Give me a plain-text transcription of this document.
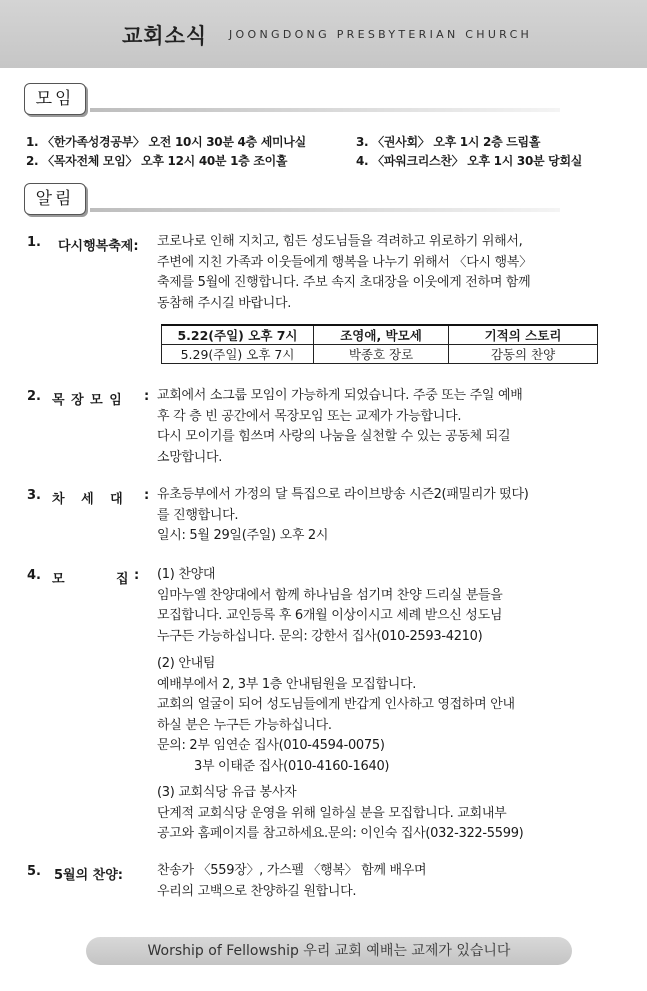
교회소식 JOONGDONG PRESBYTERIAN CHURCH
모임
1. 〈한가족성경공부〉 오전 10시 30분 4층 세미나실
2. 〈목자전체 모임〉 오후 12시 40분 1층 조이홀
3. 〈권사회〉 오후 1시 2층 드림홀
4. 〈파워크리스찬〉 오후 1시 30분 당회실
알림
1. 다시행복축제: 코로나로 인해 지치고, 힘든 성도님들을 격려하고 위로하기 위해서,

주변에 지친 가족과 이웃들에게 행복을 나누기 위해서 〈다시 행복〉

축제를 5월에 진행합니다. 주보 속지 초대장을 이웃에게 전하며 함께

동참해 주시길 바랍니다.

5.22(주일) 오후 7시	조영애, 박모세	기적의 스토리
5.29(주일) 오후 7시	박종호 장로	감동의 찬양
2. 목 장 모 임 : 교회에서 소그룹 모임이 가능하게 되었습니다. 주중 또는 주일 예배

후 각 층 빈 공간에서 목장모임 또는 교제가 가능합니다.

다시 모이기를 힘쓰며 사랑의 나눔을 실천할 수 있는 공동체 되길

소망합니다.

3. 차 세 대 : 유초등부에서 가정의 달 특집으로 라이브방송 시즌2(패밀리가 떴다)

를 진행합니다.

일시: 5월 29일(주일) 오후 2시

4. 모	집 : (1) 찬양대

임마누엘 찬양대에서 함께 하나님을 섬기며 찬양 드리실 분들을

모집합니다. 교인등록 후 6개월 이상이시고 세례 받으신 성도님

누구든 가능하십니다. 문의: 강한서 집사(010-2593-4210)

(2) 안내팀

예배부에서 2, 3부 1층 안내팀원을 모집합니다.

교회의 얼굴이 되어 성도님들에게 반갑게 인사하고 영접하며 안내

하실 분은 누구든 가능하십니다.

문의: 2부 임연순 집사(010-4594-0075)

3부 이태준 집사(010-4160-1640)

(3) 교회식당 유급 봉사자

단계적 교회식당 운영을 위해 일하실 분을 모집합니다. 교회내부

공고와 홈페이지를 참고하세요.문의: 이인숙 집사(032-322-5599)

5. 5월의 찬양:	찬송가 〈559장〉, 가스펠 〈행복〉 함께 배우며

우리의 고백으로 찬양하길 원합니다.

Worship of Fellowship 우리 교회 예배는 교제가 있습니다
